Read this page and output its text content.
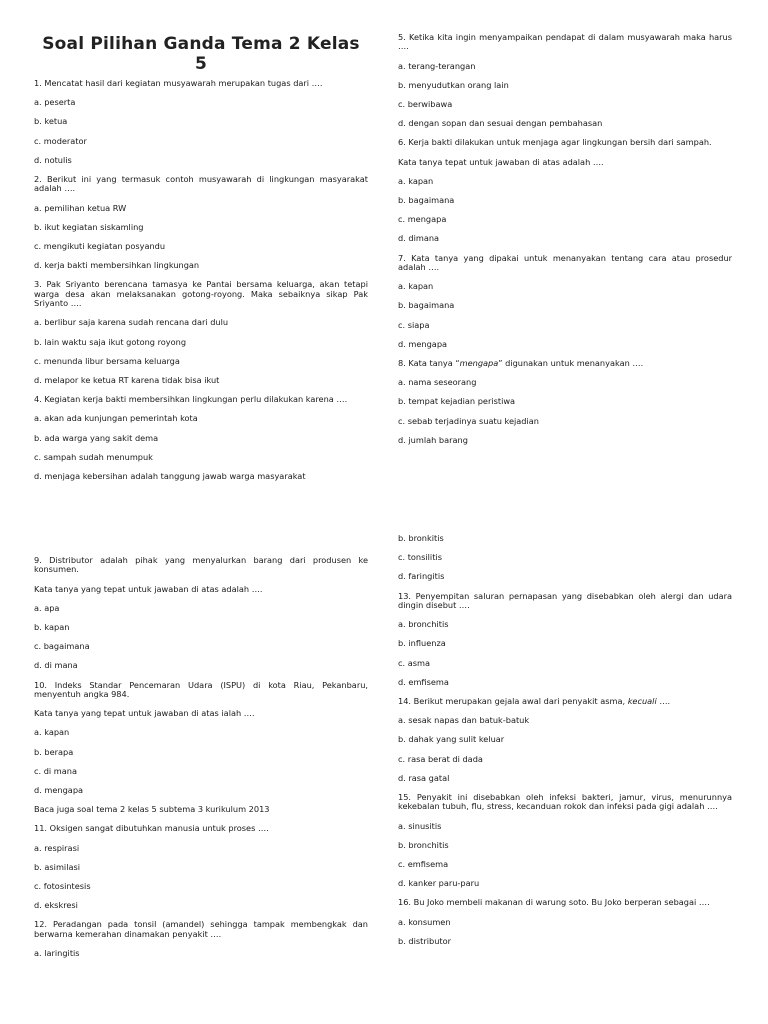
Soal Pilihan Ganda Tema 2 Kelas 5

1. Mencatat hasil dari kegiatan musyawarah merupakan tugas dari ….

a. peserta

b. ketua

c. moderator

d. notulis

2. Berikut ini yang termasuk contoh musyawarah di lingkungan masyarakat adalah ….

a. pemilihan ketua RW

b. ikut kegiatan siskamling

c. mengikuti kegiatan posyandu

d. kerja bakti membersihkan lingkungan

3. Pak Sriyanto berencana tamasya ke Pantai bersama keluarga, akan tetapi warga desa akan melaksanakan gotong-royong. Maka sebaiknya sikap Pak Sriyanto ….

a. berlibur saja karena sudah rencana dari dulu

b. lain waktu saja ikut gotong royong

c. menunda libur bersama keluarga

d. melapor ke ketua RT karena tidak bisa ikut

4. Kegiatan kerja bakti membersihkan lingkungan perlu dilakukan karena ….

a. akan ada kunjungan pemerintah kota

b. ada warga yang sakit dema

c. sampah sudah menumpuk

d. menjaga kebersihan adalah tanggung jawab warga masyarakat

5. Ketika kita ingin menyampaikan pendapat di dalam musyawarah maka harus ….

a. terang-terangan

b. menyudutkan orang lain

c. berwibawa

d. dengan sopan dan sesuai dengan pembahasan

6. Kerja bakti dilakukan untuk menjaga agar lingkungan bersih dari sampah.

Kata tanya tepat untuk jawaban di atas adalah ….

a. kapan

b. bagaimana

c. mengapa

d. dimana

7. Kata tanya yang dipakai untuk menanyakan tentang cara atau prosedur adalah ….

a. kapan

b. bagaimana

c. siapa

d. mengapa

8. Kata tanya “mengapa” digunakan untuk menanyakan ….

a. nama seseorang

b. tempat kejadian peristiwa

c. sebab terjadinya suatu kejadian

d. jumlah barang

9. Distributor adalah pihak yang menyalurkan barang dari produsen ke konsumen.

Kata tanya yang tepat untuk jawaban di atas adalah ….

a. apa

b. kapan

c. bagaimana

d. di mana

10. Indeks Standar Pencemaran Udara (ISPU) di kota Riau, Pekanbaru, menyentuh angka 984.

Kata tanya yang tepat untuk jawaban di atas ialah ….

a. kapan

b. berapa

c. di mana

d. mengapa

Baca juga soal tema 2 kelas 5 subtema 3 kurikulum 2013

11. Oksigen sangat dibutuhkan manusia untuk proses ….

a. respirasi

b. asimilasi

c. fotosintesis

d. ekskresi

12. Peradangan pada tonsil (amandel) sehingga tampak membengkak dan berwarna kemerahan dinamakan penyakit ….

a. laringitis

b. bronkitis

c. tonsilitis

d. faringitis

13. Penyempitan saluran pernapasan yang disebabkan oleh alergi dan udara dingin disebut ….

a. bronchitis

b. influenza

c. asma

d. emfisema

14. Berikut merupakan gejala awal dari penyakit asma, kecuali ….

a. sesak napas dan batuk-batuk

b. dahak yang sulit keluar

c. rasa berat di dada

d. rasa gatal

15. Penyakit ini disebabkan oleh infeksi bakteri, jamur, virus, menurunnya kekebalan tubuh, flu, stress, kecanduan rokok dan infeksi pada gigi adalah ….

a. sinusitis

b. bronchitis

c. emfisema

d. kanker paru-paru

16. Bu Joko membeli makanan di warung soto. Bu Joko berperan sebagai ….

a. konsumen

b. distributor
